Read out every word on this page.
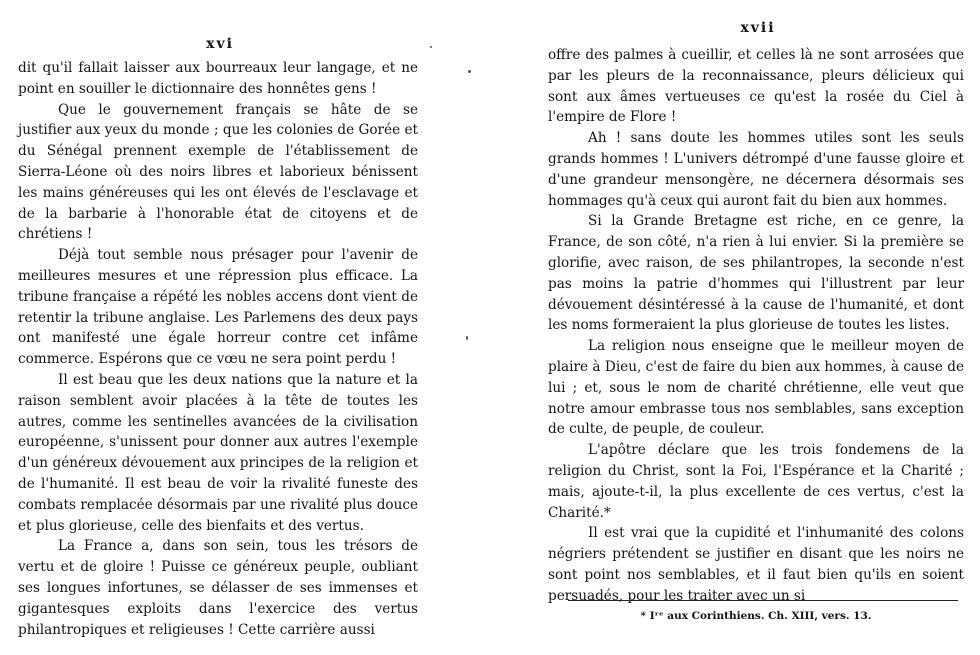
xvi

dit qu'il fallait laisser aux bourreaux leur langage, et ne point en souiller le dictionnaire des honnêtes gens !

Que le gouvernement français se hâte de se justifier aux yeux du monde ; que les colonies de Gorée et du Sénégal prennent exemple de l'établissement de Sierra-Léone où des noirs libres et laborieux bénissent les mains généreuses qui les ont élevés de l'esclavage et de la barbarie à l'honorable état de citoyens et de chrétiens !

Déjà tout semble nous présager pour l'avenir de meilleures mesures et une répression plus efficace. La tribune française a répété les nobles accens dont vient de retentir la tribune anglaise. Les Parlemens des deux pays ont manifesté une égale horreur contre cet infâme commerce. Espérons que ce vœu ne sera point perdu !

Il est beau que les deux nations que la nature et la raison semblent avoir placées à la tête de toutes les autres, comme les sentinelles avancées de la civilisation européenne, s'unissent pour donner aux autres l'exemple d'un généreux dévouement aux principes de la religion et de l'humanité. Il est beau de voir la rivalité funeste des combats remplacée désormais par une rivalité plus douce et plus glorieuse, celle des bienfaits et des vertus.

La France a, dans son sein, tous les trésors de vertu et de gloire ! Puisse ce généreux peuple, oubliant ses longues infortunes, se délasser de ses immenses et gigantesques exploits dans l'exercice des vertus philantropiques et religieuses ! Cette carrière aussi

xvii

offre des palmes à cueillir, et celles là ne sont arrosées que par les pleurs de la reconnaissance, pleurs délicieux qui sont aux âmes vertueuses ce qu'est la rosée du Ciel à l'empire de Flore !

Ah ! sans doute les hommes utiles sont les seuls grands hommes ! L'univers détrompé d'une fausse gloire et d'une grandeur mensongère, ne décernera désormais ses hommages qu'à ceux qui auront fait du bien aux hommes.

Si la Grande Bretagne est riche, en ce genre, la France, de son côté, n'a rien à lui envier. Si la première se glorifie, avec raison, de ses philantropes, la seconde n'est pas moins la patrie d'hommes qui l'illustrent par leur dévouement désintéressé à la cause de l'humanité, et dont les noms formeraient la plus glorieuse de toutes les listes.

La religion nous enseigne que le meilleur moyen de plaire à Dieu, c'est de faire du bien aux hommes, à cause de lui ; et, sous le nom de charité chrétienne, elle veut que notre amour embrasse tous nos semblables, sans exception de culte, de peuple, de couleur.

L'apôtre déclare que les trois fondemens de la religion du Christ, sont la Foi, l'Espérance et la Charité ; mais, ajoute-t-il, la plus excellente de ces vertus, c'est la Charité.*

Il est vrai que la cupidité et l'inhumanité des colons négriers prétendent se justifier en disant que les noirs ne sont point nos semblables, et il faut bien qu'ils en soient persuadés, pour les traiter avec un si

* Iʳᵉ aux Corinthiens. Ch. XIII, vers. 13.
